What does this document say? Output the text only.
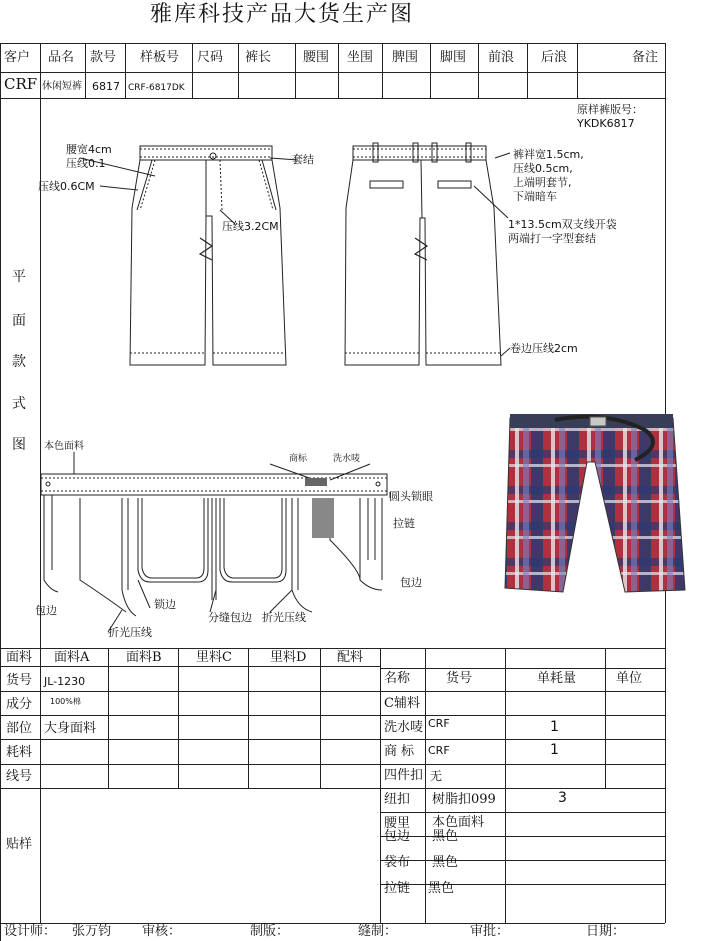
雅库科技产品大货生产图
客户 品名 款号 样板号 尺码 裤长 腰围 坐围 脾围 脚围 前浪 后浪	备注
CRF 休闲短裤 6817 CRF-6817DK
平
面
款
式
图
原样裤版号：
YKDK6817
腰宽4cm
压线0.1
压线0.6CM
套结
压线3.2CM
裤袢宽1.5cm,
压线0.5cm,
上端明套节,
下端暗车
1*13.5cm双支线开袋
两端打一字型套结
卷边压线2cm
本色面料
商标	洗水唛
圆头锁眼
拉链
包边
包边	锁边
分缝包边 折光压线
折光压线
面料 面料A	面料B	里料C	里料D 配料
货号 JL-1230
成分 100%棉
部位 大身面料
耗料
线号
贴样
名称	货号	单耗量	单位
C辅料
洗水唛 CRF	1
商 标 CRF	1
四件扣 无
纽扣 树脂扣099	3
腰里 本色面料
包边 黑色
袋布 黑色
拉链 黑色
设计师： 张万钧 审核：	制版：	缝制：	审批：	日期：
